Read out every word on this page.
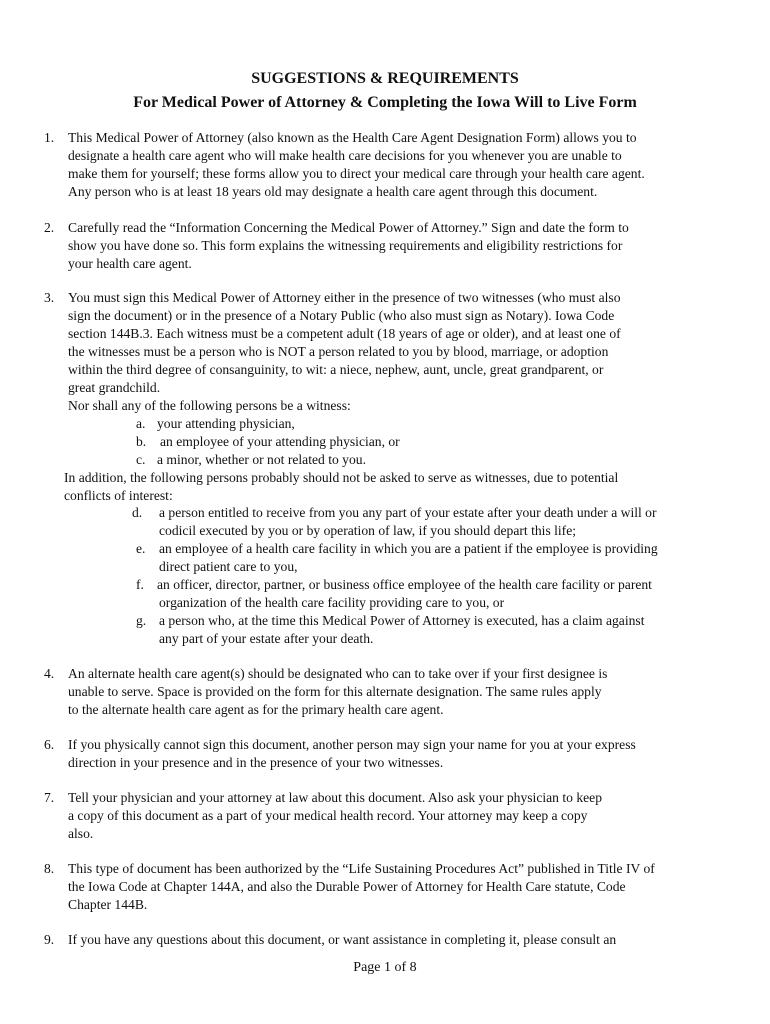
SUGGESTIONS & REQUIREMENTS
For Medical Power of Attorney & Completing the Iowa Will to Live Form
1. This Medical Power of Attorney (also known as the Health Care Agent Designation Form) allows you to
designate a health care agent who will make health care decisions for you whenever you are unable to
make them for yourself; these forms allow you to direct your medical care through your health care agent.
Any person who is at least 18 years old may designate a health care agent through this document.
2. Carefully read the “Information Concerning the Medical Power of Attorney.” Sign and date the form to
show you have done so. This form explains the witnessing requirements and eligibility restrictions for
your health care agent.
3. You must sign this Medical Power of Attorney either in the presence of two witnesses (who must also
sign the document) or in the presence of a Notary Public (who also must sign as Notary). Iowa Code
section 144B.3. Each witness must be a competent adult (18 years of age or older), and at least one of
the witnesses must be a person who is NOT a person related to you by blood, marriage, or adoption
within the third degree of consanguinity, to wit: a niece, nephew, aunt, uncle, great grandparent, or
great grandchild.
Nor shall any of the following persons be a witness:
a. your attending physician,
b. an employee of your attending physician, or
c. a minor, whether or not related to you.
In addition, the following persons probably should not be asked to serve as witnesses, due to potential
conflicts of interest:
d. a person entitled to receive from you any part of your estate after your death under a will or
codicil executed by you or by operation of law, if you should depart this life;
e. an employee of a health care facility in which you are a patient if the employee is providing
direct patient care to you,
f. an officer, director, partner, or business office employee of the health care facility or parent
organization of the health care facility providing care to you, or
g. a person who, at the time this Medical Power of Attorney is executed, has a claim against
any part of your estate after your death.
4. An alternate health care agent(s) should be designated who can to take over if your first designee is
unable to serve. Space is provided on the form for this alternate designation. The same rules apply
to the alternate health care agent as for the primary health care agent.
6. If you physically cannot sign this document, another person may sign your name for you at your express
direction in your presence and in the presence of your two witnesses.
7. Tell your physician and your attorney at law about this document. Also ask your physician to keep
a copy of this document as a part of your medical health record. Your attorney may keep a copy
also.
8. This type of document has been authorized by the “Life Sustaining Procedures Act” published in Title IV of
the Iowa Code at Chapter 144A, and also the Durable Power of Attorney for Health Care statute, Code
Chapter 144B.
9. If you have any questions about this document, or want assistance in completing it, please consult an
Page 1 of 8
